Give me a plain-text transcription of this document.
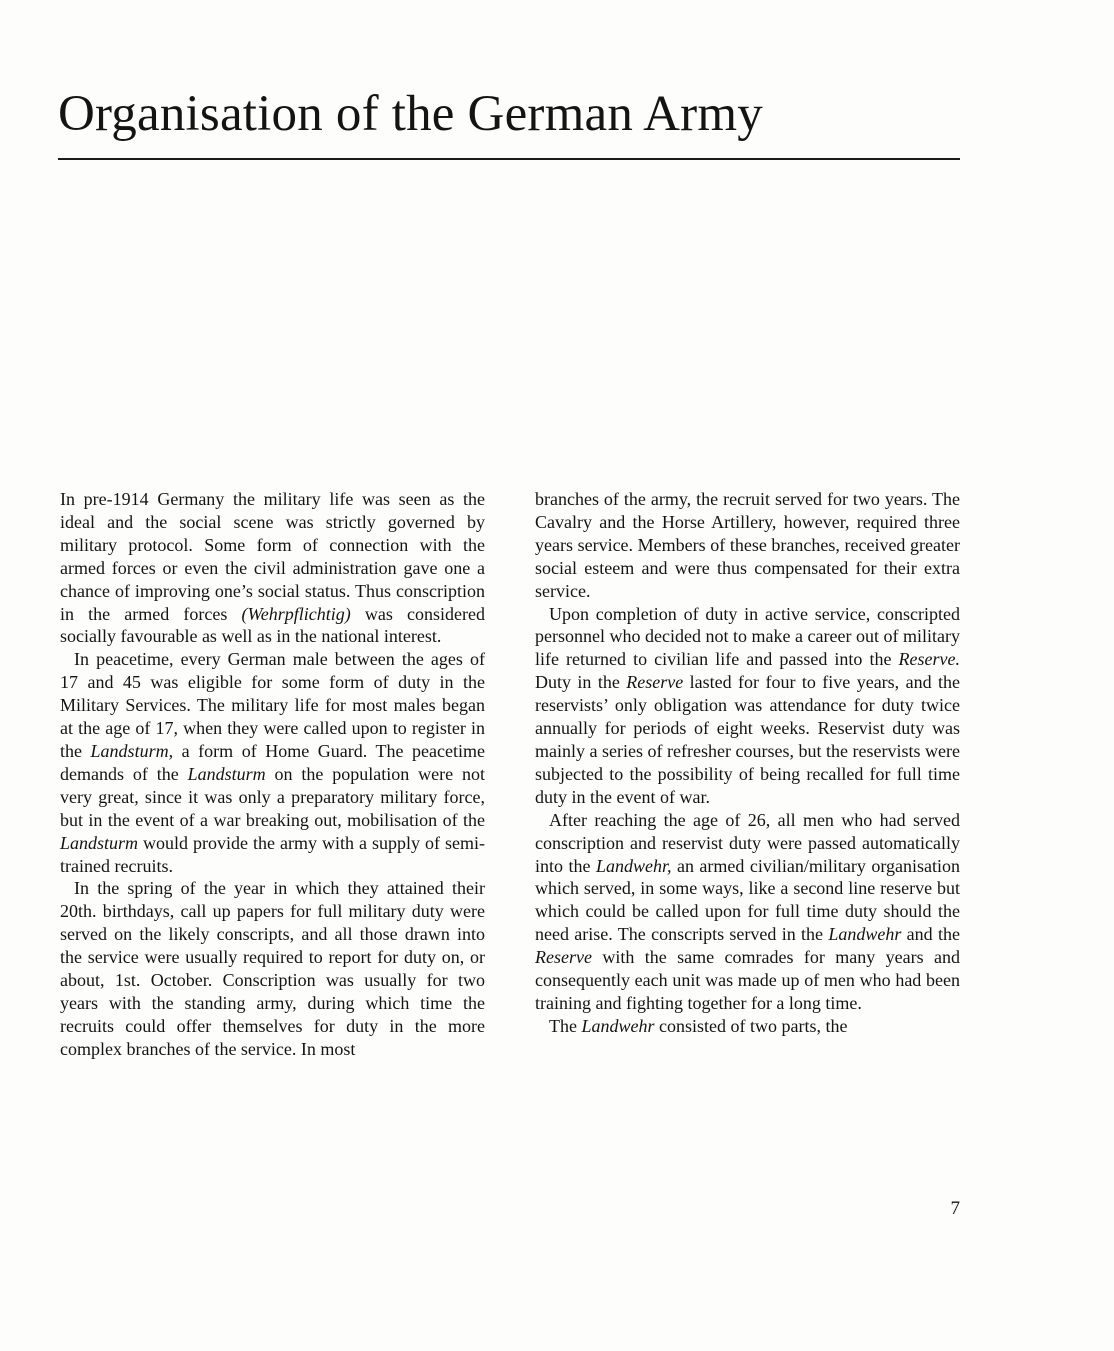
Organisation of the German Army

In pre-1914 Germany the military life was seen as the ideal and the social scene was strictly governed by military protocol. Some form of connection with the armed forces or even the civil administration gave one a chance of improving one’s social status. Thus conscription in the armed forces (Wehrpflichtig) was considered socially favourable as well as in the national interest.

In peacetime, every German male between the ages of 17 and 45 was eligible for some form of duty in the Military Services. The military life for most males began at the age of 17, when they were called upon to register in the Landsturm, a form of Home Guard. The peacetime demands of the Landsturm on the population were not very great, since it was only a preparatory military force, but in the event of a war breaking out, mobilisation of the Landsturm would provide the army with a supply of semi-trained recruits.

In the spring of the year in which they attained their 20th. birthdays, call up papers for full military duty were served on the likely conscripts, and all those drawn into the service were usually required to report for duty on, or about, 1st. October. Conscription was usually for two years with the standing army, during which time the recruits could offer themselves for duty in the more complex branches of the service. In most

branches of the army, the recruit served for two years. The Cavalry and the Horse Artillery, however, required three years service. Members of these branches, received greater social esteem and were thus compensated for their extra service.

Upon completion of duty in active service, conscripted personnel who decided not to make a career out of military life returned to civilian life and passed into the Reserve. Duty in the Reserve lasted for four to five years, and the reservists’ only obligation was attendance for duty twice annually for periods of eight weeks. Reservist duty was mainly a series of refresher courses, but the reservists were subjected to the possibility of being recalled for full time duty in the event of war.

After reaching the age of 26, all men who had served conscription and reservist duty were passed automatically into the Landwehr, an armed civilian/military organisation which served, in some ways, like a second line reserve but which could be called upon for full time duty should the need arise. The conscripts served in the Landwehr and the Reserve with the same comrades for many years and consequently each unit was made up of men who had been training and fighting together for a long time.

The Landwehr consisted of two parts, the

7
